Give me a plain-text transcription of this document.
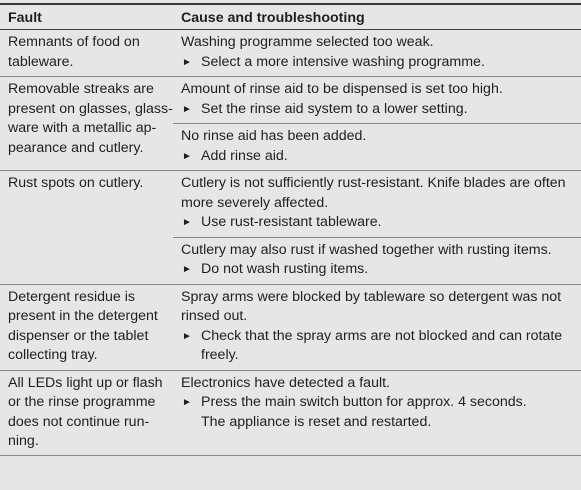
Fault	Cause and troubleshooting
Remnants of food on
tableware.
Washing programme selected too weak.
► Select a more intensive washing programme.
Removable streaks are
present on glasses, glass-
ware with a metallic ap-
pearance and cutlery.
Amount of rinse aid to be dispensed is set too high.
► Set the rinse aid system to a lower setting.
No rinse aid has been added.
► Add rinse aid.
Rust spots on cutlery.	Cutlery is not sufficiently rust-resistant. Knife blades are often
more severely affected.
► Use rust-resistant tableware.
Cutlery may also rust if washed together with rusting items.
► Do not wash rusting items.
Detergent residue is
present in the detergent
dispenser or the tablet
collecting tray.
Spray arms were blocked by tableware so detergent was not
rinsed out.
► Check that the spray arms are not blocked and can rotate
freely.
All LEDs light up or flash
or the rinse programme
does not continue run-
ning.
Electronics have detected a fault.
► Press the main switch button for approx. 4 seconds.
The appliance is reset and restarted.
